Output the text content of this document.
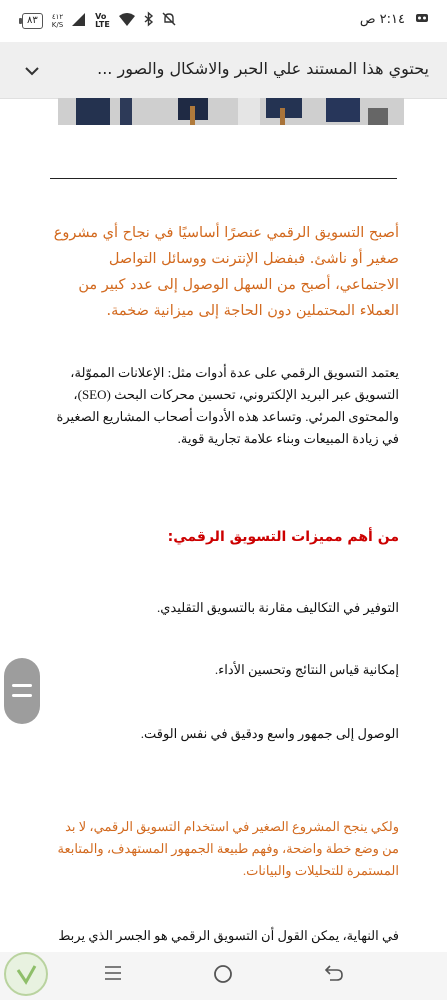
٨٣	٤١٢
K/S
Vo
LTE	٢:١٤ ص
يحتوي هذا المستند علي الحبر والاشكال والصور ...

أصبح التسويق الرقمي عنصرًا أساسيًا في نجاح أي مشروع صغير أو ناشئ. فبفضل الإنترنت ووسائل التواصل الاجتماعي، أصبح من السهل الوصول إلى عدد كبير من العملاء المحتملين دون الحاجة إلى ميزانية ضخمة.

يعتمد التسويق الرقمي على عدة أدوات مثل: الإعلانات المموّلة، التسويق عبر البريد الإلكتروني، تحسين محركات البحث (SEO)، والمحتوى المرئي. وتساعد هذه الأدوات أصحاب المشاريع الصغيرة في زيادة المبيعات وبناء علامة تجارية قوية.

من أهم مميزات التسويق الرقمي:

التوفير في التكاليف مقارنة بالتسويق التقليدي.

إمكانية قياس النتائج وتحسين الأداء.

الوصول إلى جمهور واسع ودقيق في نفس الوقت.

ولكي ينجح المشروع الصغير في استخدام التسويق الرقمي، لا بد من وضع خطة واضحة، وفهم طبيعة الجمهور المستهدف، والمتابعة المستمرة للتحليلات والبيانات.

في النهاية، يمكن القول أن التسويق الرقمي هو الجسر الذي يربط
